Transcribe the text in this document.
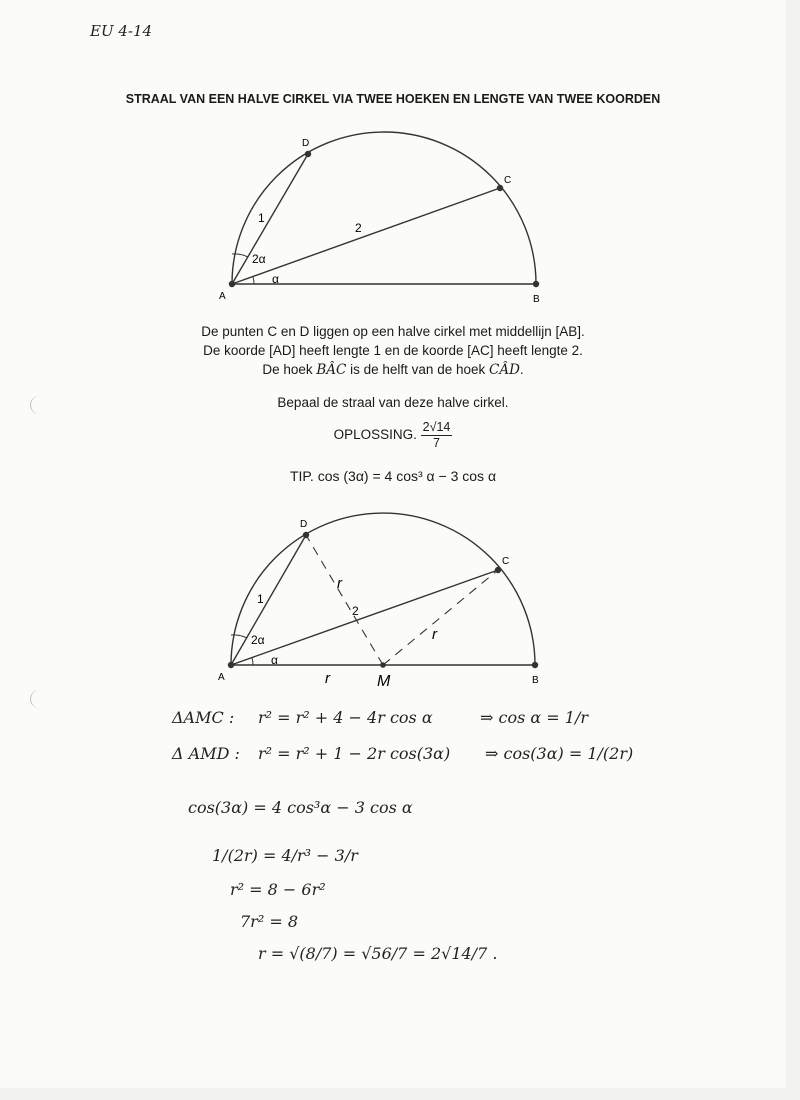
EU 4-14
STRAAL VAN EEN HALVE CIRKEL VIA TWEE HOEKEN EN LENGTE VAN TWEE KOORDEN
A	B
C
D
1
2
2α
α
De punten C en D liggen op een halve cirkel met middellijn [AB].
De koorde [AD] heeft lengte 1 en de koorde [AC] heeft lengte 2.
De hoek BÂC is de helft van de hoek CÂD.
Bepaal de straal van deze halve cirkel.
OPLOSSING. $\frac{2√14}{7}$
TIP. cos (3α) = 4 cos³ α − 3 cos α
A	B
C
D
M
1
2
r
r
r
2α
α
ΔAMC : r² = r² + 4 − 4r cos α	⇒ cos α = 1/r
Δ AMD : r² = r² + 1 − 2r cos(3α) ⇒ cos(3α) = 1/(2r)
cos(3α) = 4 cos³α − 3 cos α
1/(2r) = 4/r³ − 3/r
r² = 8 − 6r²
7r² = 8
r = √(8/7) = √56/7 = 2√14/7 .
